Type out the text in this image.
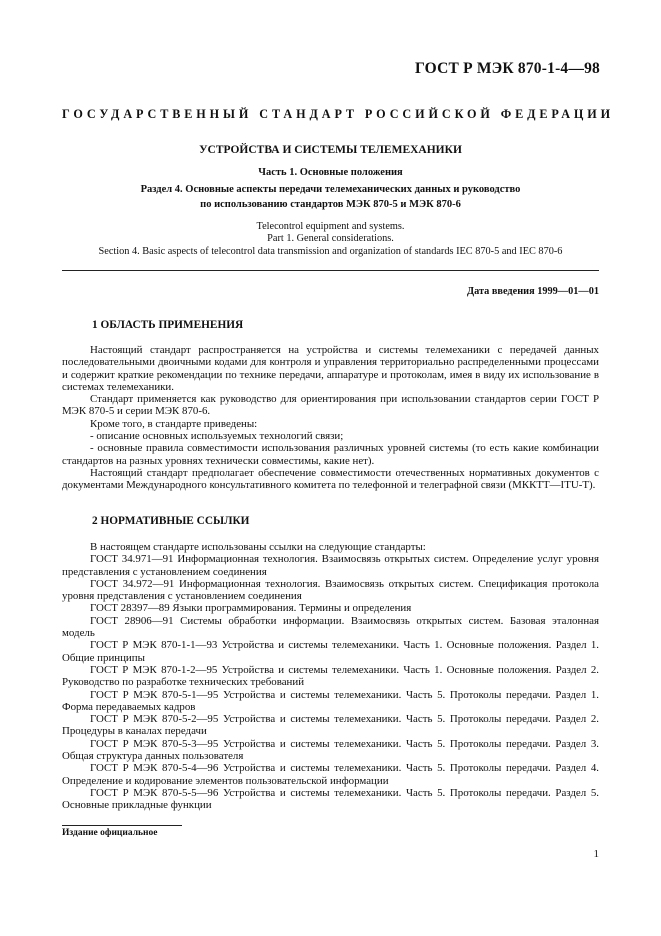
ГОСТ Р МЭК 870-1-4—98
ГОСУДАРСТВЕННЫЙ СТАНДАРТ РОССИЙСКОЙ ФЕДЕРАЦИИ
УСТРОЙСТВА И СИСТЕМЫ ТЕЛЕМЕХАНИКИ
Часть 1. Основные положения
Раздел 4. Основные аспекты передачи телемеханических данных и руководство
по использованию стандартов МЭК 870-5 и МЭК 870-6
Telecontrol equipment and systems.
Part 1. General considerations.
Section 4. Basic aspects of telecontrol data transmission and organization of standards IEC 870-5 and IEC 870-6
Дата введения 1999—01—01
1 ОБЛАСТЬ ПРИМЕНЕНИЯ

Настоящий стандарт распространяется на устройства и системы телемеханики с передачей данных последовательными двоичными кодами для контроля и управления территориально распределенными процессами и содержит краткие рекомендации по технике передачи, аппаратуре и протоколам, имея в виду их использование в системах телемеханики.

Стандарт применяется как руководство для ориентирования при использовании стандартов серии ГОСТ Р МЭК 870-5 и серии МЭК 870-6.

Кроме того, в стандарте приведены:

- описание основных используемых технологий связи;

- основные правила совместимости использования различных уровней системы (то есть какие комбинации стандартов на разных уровнях технически совместимы, какие нет).

Настоящий стандарт предполагает обеспечение совместимости отечественных нормативных документов с документами Международного консультативного комитета по телефонной и телеграфной связи (МККТТ—ITU-T).

2 НОРМАТИВНЫЕ ССЫЛКИ

В настоящем стандарте использованы ссылки на следующие стандарты:

ГОСТ 34.971—91 Информационная технология. Взаимосвязь открытых систем. Определение услуг уровня представления с установлением соединения

ГОСТ 34.972—91 Информационная технология. Взаимосвязь открытых систем. Спецификация протокола уровня представления с установлением соединения

ГОСТ 28397—89 Языки программирования. Термины и определения

ГОСТ 28906—91 Системы обработки информации. Взаимосвязь открытых систем. Базовая эталонная модель

ГОСТ Р МЭК 870-1-1—93 Устройства и системы телемеханики. Часть 1. Основные положения. Раздел 1. Общие принципы

ГОСТ Р МЭК 870-1-2—95 Устройства и системы телемеханики. Часть 1. Основные положения. Раздел 2. Руководство по разработке технических требований

ГОСТ Р МЭК 870-5-1—95 Устройства и системы телемеханики. Часть 5. Протоколы передачи. Раздел 1. Форма передаваемых кадров

ГОСТ Р МЭК 870-5-2—95 Устройства и системы телемеханики. Часть 5. Протоколы передачи. Раздел 2. Процедуры в каналах передачи

ГОСТ Р МЭК 870-5-3—95 Устройства и системы телемеханики. Часть 5. Протоколы передачи. Раздел 3. Общая структура данных пользователя

ГОСТ Р МЭК 870-5-4—96 Устройства и системы телемеханики. Часть 5. Протоколы передачи. Раздел 4. Определение и кодирование элементов пользовательской информации

ГОСТ Р МЭК 870-5-5—96 Устройства и системы телемеханики. Часть 5. Протоколы передачи. Раздел 5. Основные прикладные функции

Издание официальное
1
